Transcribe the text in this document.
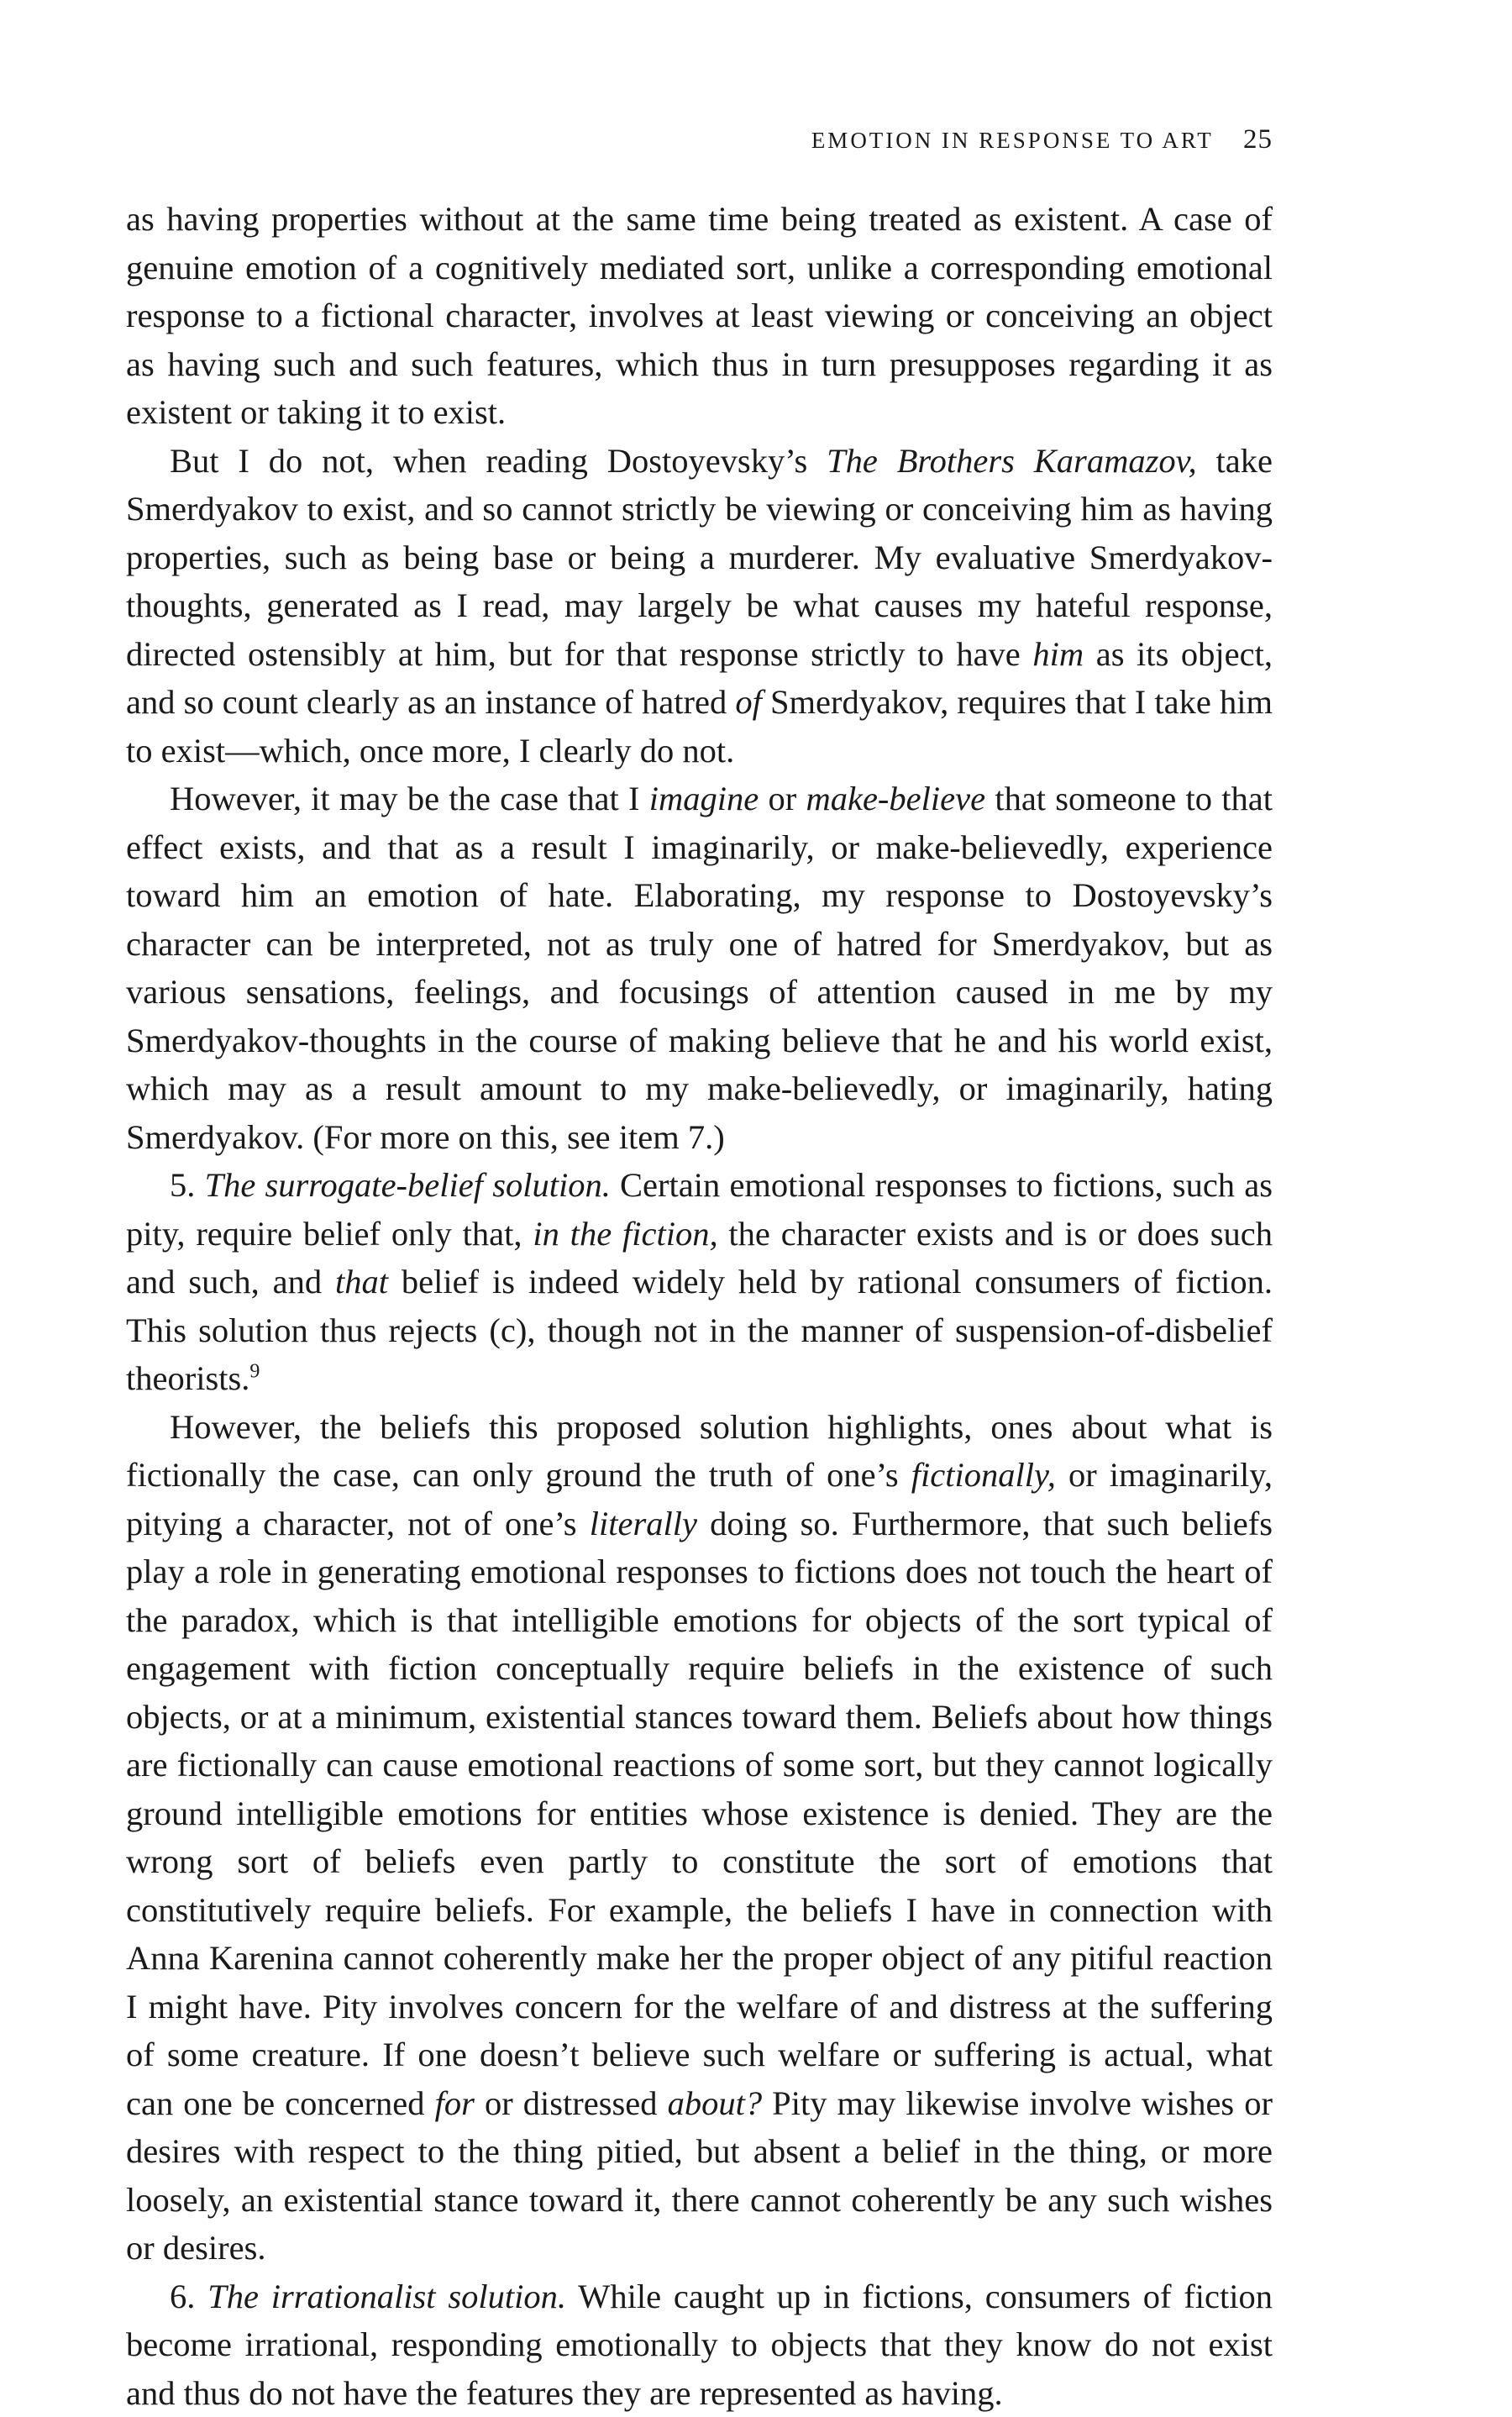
EMOTION IN RESPONSE TO ART 25

as having properties without at the same time being treated as existent. A case of genuine emotion of a cognitively mediated sort, unlike a corresponding emotional response to a fictional character, involves at least viewing or conceiving an object as having such and such features, which thus in turn presupposes regarding it as existent or taking it to exist.

But I do not, when reading Dostoyevsky’s The Brothers Karamazov, take Smerdyakov to exist, and so cannot strictly be viewing or conceiving him as having properties, such as being base or being a murderer. My evaluative Smerdyakov-thoughts, generated as I read, may largely be what causes my hateful response, directed ostensibly at him, but for that response strictly to have him as its object, and so count clearly as an instance of hatred of Smerdyakov, requires that I take him to exist—which, once more, I clearly do not.

However, it may be the case that I imagine or make-believe that someone to that effect exists, and that as a result I imaginarily, or make-believedly, experience toward him an emotion of hate. Elaborating, my response to Dostoyevsky’s character can be interpreted, not as truly one of hatred for Smerdyakov, but as various sensations, feelings, and focusings of attention caused in me by my Smerdyakov-thoughts in the course of making believe that he and his world exist, which may as a result amount to my make-believedly, or imaginarily, hating Smerdyakov. (For more on this, see item 7.)

5. The surrogate-belief solution. Certain emotional responses to fictions, such as pity, require belief only that, in the fiction, the character exists and is or does such and such, and that belief is indeed widely held by rational consumers of fiction. This solution thus rejects (c), though not in the manner of suspension-of-disbelief theorists.$^9$

However, the beliefs this proposed solution highlights, ones about what is fictionally the case, can only ground the truth of one’s fictionally, or imaginarily, pitying a character, not of one’s literally doing so. Furthermore, that such beliefs play a role in generating emotional responses to fictions does not touch the heart of the paradox, which is that intelligible emotions for objects of the sort typical of engagement with fiction conceptually require beliefs in the existence of such objects, or at a minimum, existential stances toward them. Beliefs about how things are fictionally can cause emotional reactions of some sort, but they cannot logically ground intelligible emotions for entities whose existence is denied. They are the wrong sort of beliefs even partly to constitute the sort of emotions that constitutively require beliefs. For example, the beliefs I have in connection with Anna Karenina cannot coherently make her the proper object of any pitiful reaction I might have. Pity involves concern for the welfare of and distress at the suffering of some creature. If one doesn’t believe such welfare or suffering is actual, what can one be concerned for or distressed about? Pity may likewise involve wishes or desires with respect to the thing pitied, but absent a belief in the thing, or more loosely, an existential stance toward it, there cannot coherently be any such wishes or desires.

6. The irrationalist solution. While caught up in fictions, consumers of fiction become irrational, responding emotionally to objects that they know do not exist and thus do not have the features they are represented as having.
